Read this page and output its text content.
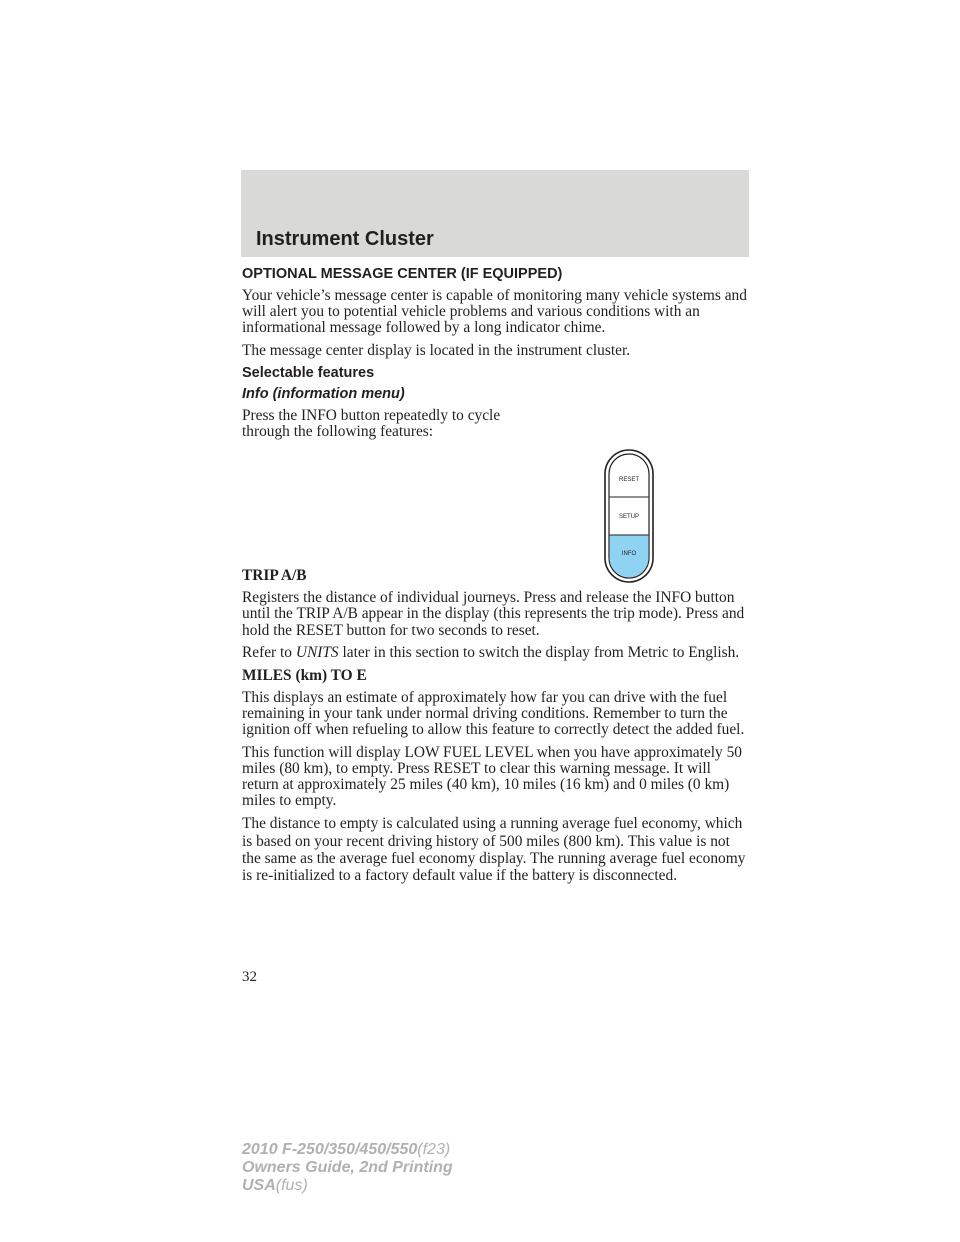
Instrument Cluster
OPTIONAL MESSAGE CENTER (IF EQUIPPED)

Your vehicle’s message center is capable of monitoring many vehicle systems and will alert you to potential vehicle problems and various conditions with an informational message followed by a long indicator chime.

The message center display is located in the instrument cluster.

Selectable features
Info (information menu)

Press the INFO button repeatedly to cycle through the following features:

TRIP A/B

Registers the distance of individual journeys. Press and release the INFO button until the TRIP A/B appear in the display (this represents the trip mode). Press and hold the RESET button for two seconds to reset.

Refer to UNITS later in this section to switch the display from Metric to English.

MILES (km) TO E

This displays an estimate of approximately how far you can drive with the fuel remaining in your tank under normal driving conditions. Remember to turn the ignition off when refueling to allow this feature to correctly detect the added fuel.

This function will display LOW FUEL LEVEL when you have approximately 50 miles (80 km), to empty. Press RESET to clear this warning message. It will return at approximately 25 miles (40 km), 10 miles (16 km) and 0 miles (0 km) miles to empty.

The distance to empty is calculated using a running average fuel economy, which is based on your recent driving history of 500 miles (800 km). This value is not the same as the average fuel economy display. The running average fuel economy is re-initialized to a factory default value if the battery is disconnected.

RESET
SETUP
INFO
32
2010 F-250/350/450/550(f23)
Owners Guide, 2nd Printing
USA(fus)
